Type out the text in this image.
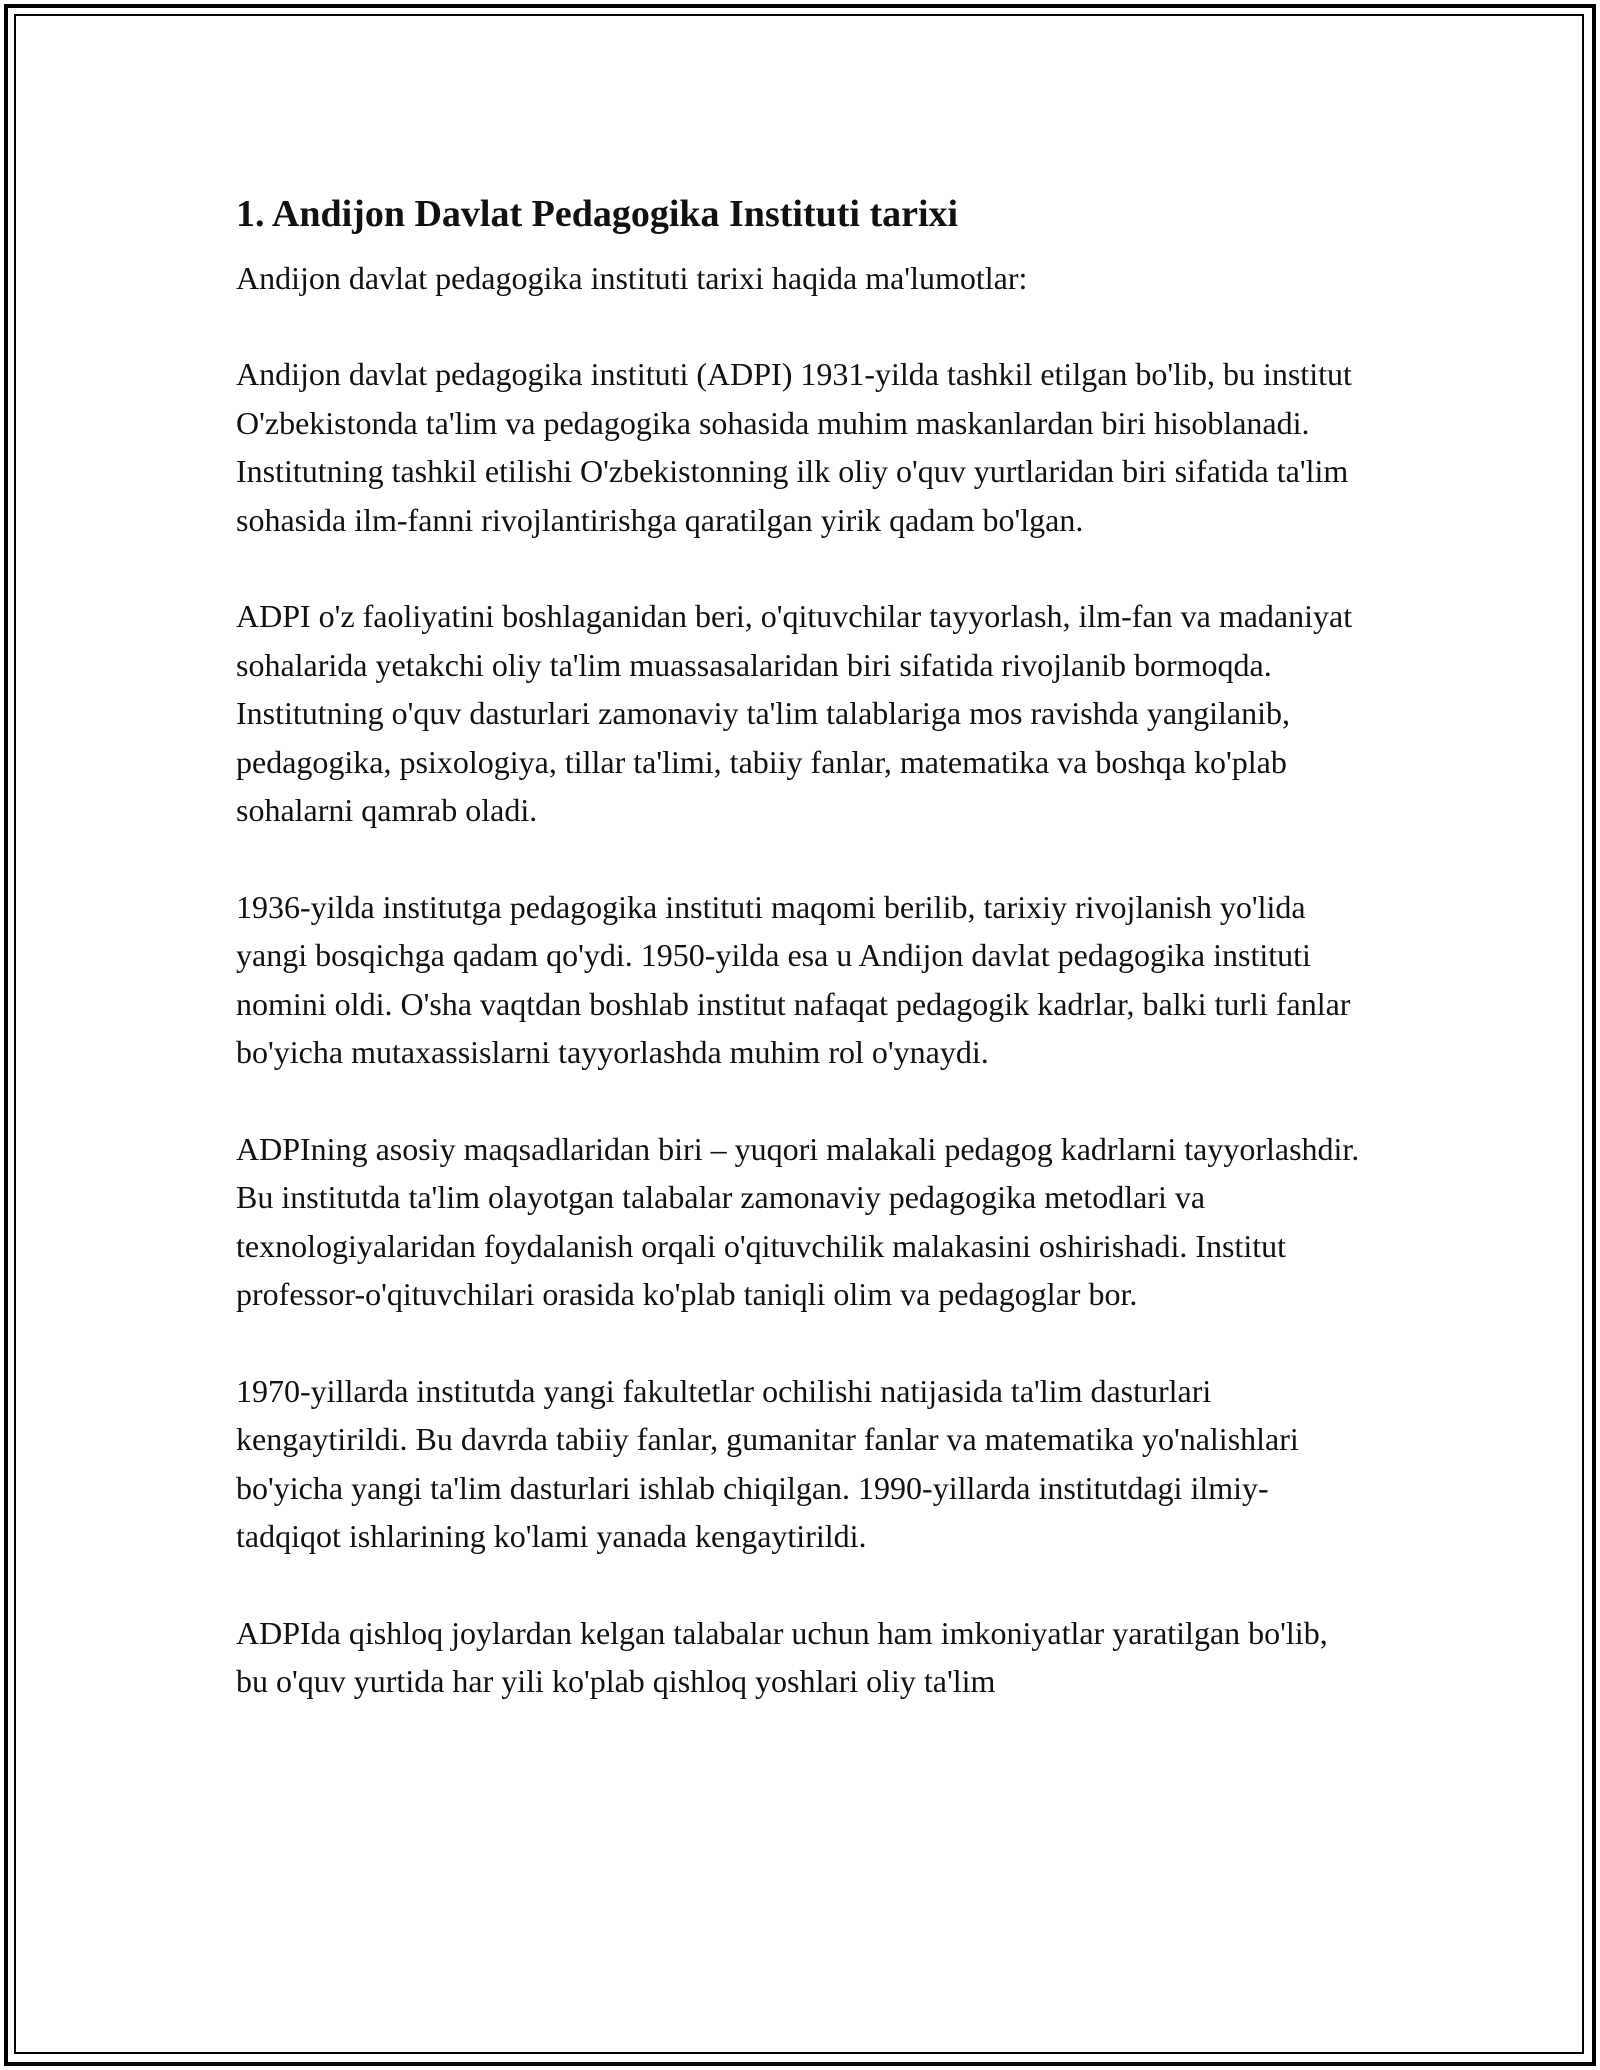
1. Andijon Davlat Pedagogika Instituti tarixi

Andijon davlat pedagogika instituti tarixi haqida ma'lumotlar:

Andijon davlat pedagogika instituti (ADPI) 1931-yilda tashkil etilgan bo'lib, bu institut O'zbekistonda ta'lim va pedagogika sohasida muhim maskanlardan biri hisoblanadi. Institutning tashkil etilishi O'zbekistonning ilk oliy o'quv yurtlaridan biri sifatida ta'lim sohasida ilm-fanni rivojlantirishga qaratilgan yirik qadam bo'lgan.

ADPI o'z faoliyatini boshlaganidan beri, o'qituvchilar tayyorlash, ilm-fan va madaniyat sohalarida yetakchi oliy ta'lim muassasalaridan biri sifatida rivojlanib bormoqda. Institutning o'quv dasturlari zamonaviy ta'lim talablariga mos ravishda yangilanib, pedagogika, psixologiya, tillar ta'limi, tabiiy fanlar, matematika va boshqa ko'plab sohalarni qamrab oladi.

1936-yilda institutga pedagogika instituti maqomi berilib, tarixiy rivojlanish yo'lida yangi bosqichga qadam qo'ydi. 1950-yilda esa u Andijon davlat pedagogika instituti nomini oldi. O'sha vaqtdan boshlab institut nafaqat pedagogik kadrlar, balki turli fanlar bo'yicha mutaxassislarni tayyorlashda muhim rol o'ynaydi.

ADPIning asosiy maqsadlaridan biri – yuqori malakali pedagog kadrlarni tayyorlashdir. Bu institutda ta'lim olayotgan talabalar zamonaviy pedagogika metodlari va texnologiyalaridan foydalanish orqali o'qituvchilik malakasini oshirishadi. Institut professor-o'qituvchilari orasida ko'plab taniqli olim va pedagoglar bor.

1970-yillarda institutda yangi fakultetlar ochilishi natijasida ta'lim dasturlari kengaytirildi. Bu davrda tabiiy fanlar, gumanitar fanlar va matematika yo'nalishlari bo'yicha yangi ta'lim dasturlari ishlab chiqilgan. 1990-yillarda institutdagi ilmiy-tadqiqot ishlarining ko'lami yanada kengaytirildi.

ADPIda qishloq joylardan kelgan talabalar uchun ham imkoniyatlar yaratilgan bo'lib, bu o'quv yurtida har yili ko'plab qishloq yoshlari oliy ta'lim
